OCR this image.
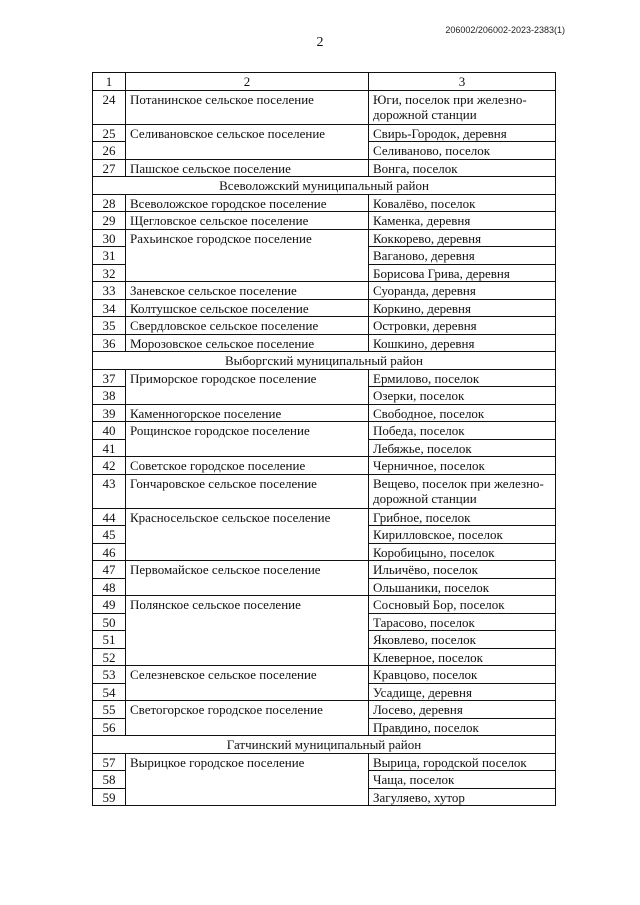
206002/206002-2023-2383(1)
2
1	2	3
24	Потанинское сельское поселение	Юги, поселок при железно-дорожной станции
25	Селивановское сельское поселение	Свирь-Городок, деревня
26		Селиваново, поселок
27	Пашское сельское поселение	Вонга, поселок
Всеволожский муниципальный район		
28	Всеволожское городское поселение	Ковалёво, поселок
29	Щегловское сельское поселение	Каменка, деревня
30	Рахьинское городское поселение	Коккорево, деревня
31		Ваганово, деревня
32		Борисова Грива, деревня
33	Заневское сельское поселение	Суоранда, деревня
34	Колтушское сельское поселение	Коркино, деревня
35	Свердловское сельское поселение	Островки, деревня
36	Морозовское сельское поселение	Кошкино, деревня
Выборгский муниципальный район		
37	Приморское городское поселение	Ермилово, поселок
38		Озерки, поселок
39	Каменногорское поселение	Свободное, поселок
40	Рощинское городское поселение	Победа, поселок
41		Лебяжье, поселок
42	Советское городское поселение	Черничное, поселок
43	Гончаровское сельское поселение	Вещево, поселок при железно-дорожной станции
44	Красносельское сельское поселение	Грибное, поселок
45		Кирилловское, поселок
46		Коробицыно, поселок
47	Первомайское сельское поселение	Ильичёво, поселок
48		Ольшаники, поселок
49	Полянское сельское поселение	Сосновый Бор, поселок
50		Тарасово, поселок
51		Яковлево, поселок
52		Клеверное, поселок
53	Селезневское сельское поселение	Кравцово, поселок
54		Усадище, деревня
55	Светогорское городское поселение	Лосево, деревня
56		Правдино, поселок
Гатчинский муниципальный район		
57	Вырицкое городское поселение	Вырица, городской поселок
58		Чаща, поселок
59		Загуляево, хутор
